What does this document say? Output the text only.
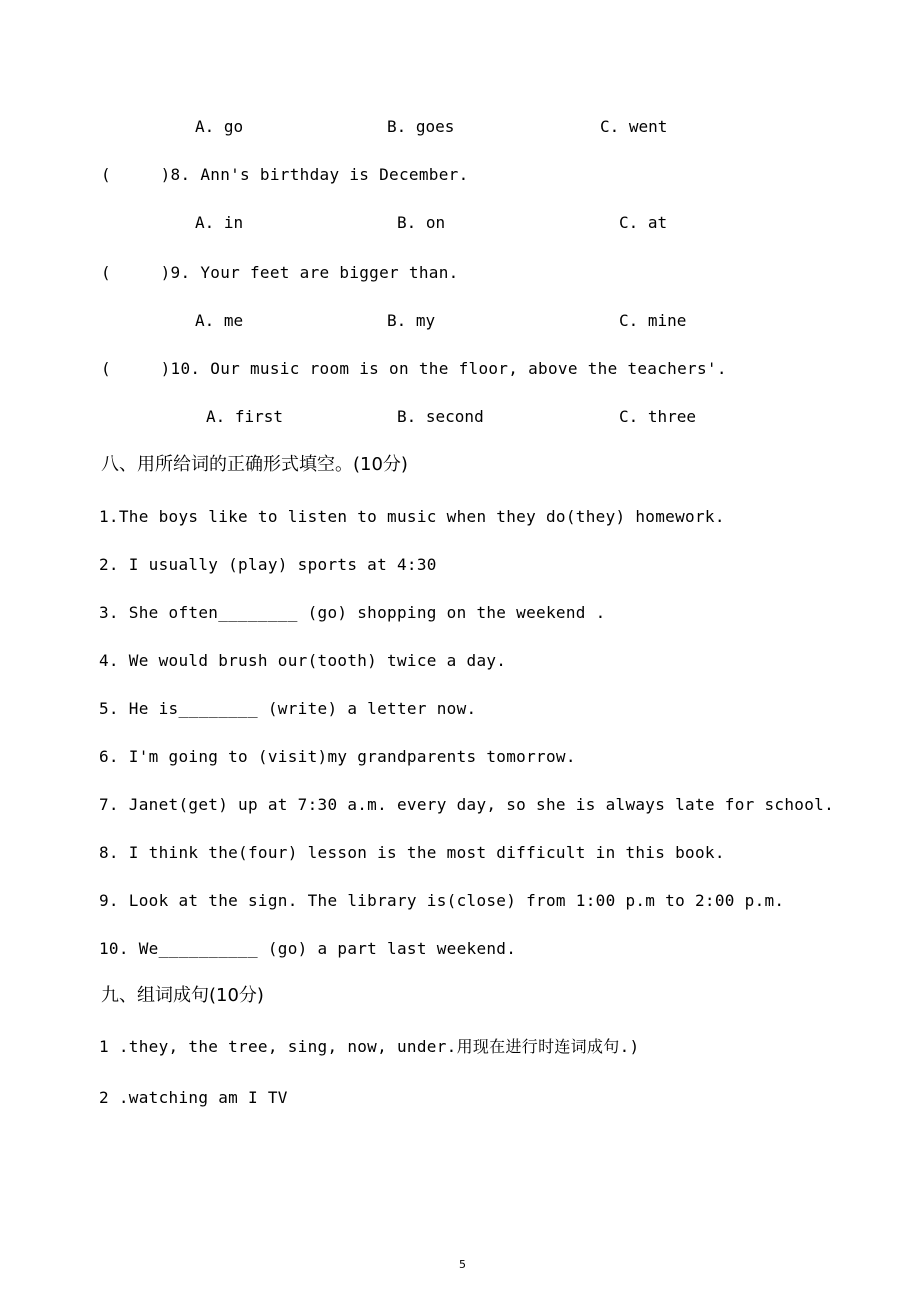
A. go	B. goes	C. went
(     )8. Ann's birthday is December.
A. in	B. on	C. at
(     )9. Your feet are bigger than.
A. me	B. my	C. mine
(     )10. Our music room is on the floor, above the teachers'.
A. first	B. second	C. three
八、用所给词的正确形式填空。(10分)
1.The boys like to listen to music when they do(they) homework.
2. I usually (play) sports at 4:30
3. She often________ (go) shopping on the weekend .
4. We would brush our(tooth) twice a day.
5. He is________ (write) a letter now.
6. I'm going to (visit)my grandparents tomorrow.
7. Janet(get) up at 7:30 a.m. every day, so she is always late for school.
8. I think the(four) lesson is the most difficult in this book.
9. Look at the sign. The library is(close) from 1:00 p.m to 2:00 p.m.
10. We__________ (go) a part last weekend.
九、组词成句(10分)
1 .they, the tree, sing, now, under.用现在进行时连词成句.)
2 .watching am I TV
5
